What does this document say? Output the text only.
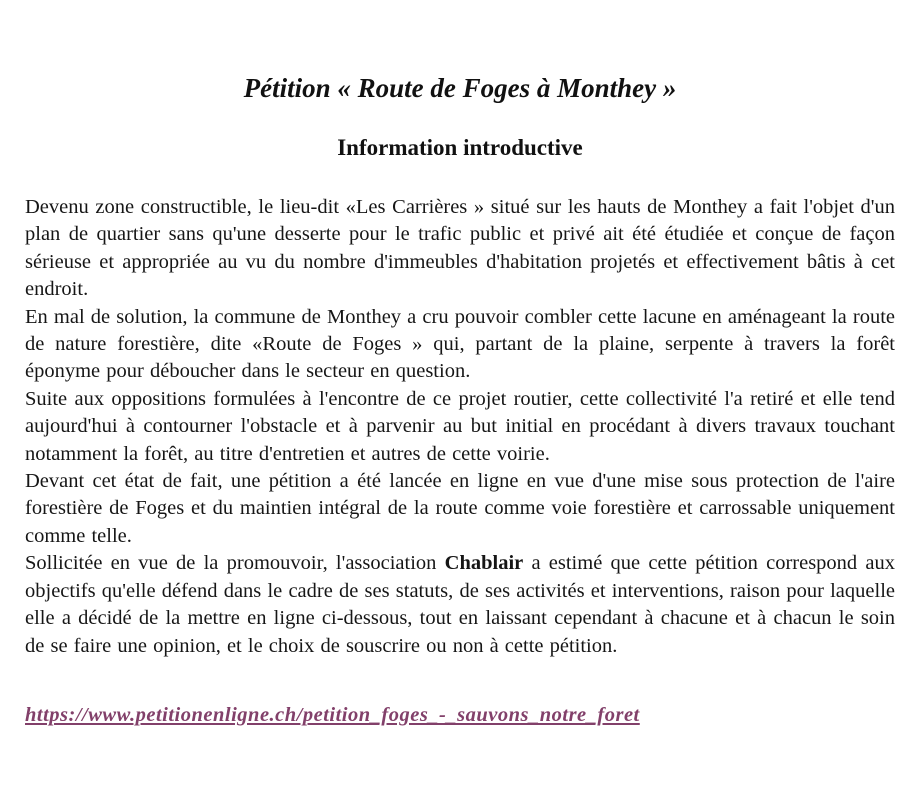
Pétition « Route de Foges à Monthey »
Information introductive

Devenu zone constructible, le lieu-dit «Les Carrières » situé sur les hauts de Monthey a fait l'objet d'un plan de quartier sans qu'une desserte pour le trafic public et privé ait été étudiée et conçue de façon sérieuse et appropriée au vu du nombre d'immeubles d'habitation projetés et effectivement bâtis à cet endroit.

En mal de solution, la commune de Monthey a cru pouvoir combler cette lacune en aménageant la route de nature forestière, dite «Route de Foges » qui, partant de la plaine, serpente à travers la forêt éponyme pour déboucher dans le secteur en question.

Suite aux oppositions formulées à l'encontre de ce projet routier, cette collectivité l'a retiré et elle tend aujourd'hui à contourner l'obstacle et à parvenir au but initial en procédant à divers travaux touchant notamment la forêt, au titre d'entretien et autres de cette voirie.

Devant cet état de fait, une pétition a été lancée en ligne en vue d'une mise sous protection de l'aire forestière de Foges et du maintien intégral de la route comme voie forestière et carrossable uniquement comme telle.

Sollicitée en vue de la promouvoir, l'association Chablair a estimé que cette pétition correspond aux objectifs qu'elle défend dans le cadre de ses statuts, de ses activités et interventions, raison pour laquelle elle a décidé de la mettre en ligne ci-dessous, tout en laissant cependant à chacune et à chacun le soin de se faire une opinion, et le choix de souscrire ou non à cette pétition.

https://www.petitionenligne.ch/petition_foges_-_sauvons_notre_foret
